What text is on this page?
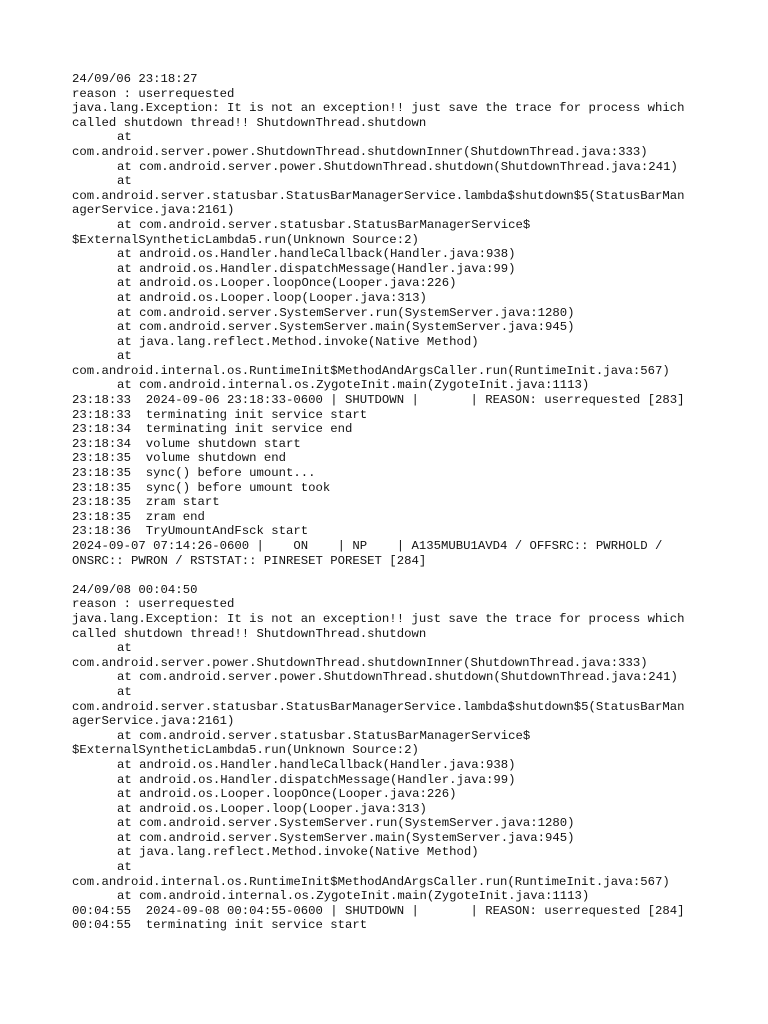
24/09/06 23:18:27
reason : userrequested
java.lang.Exception: It is not an exception!! just save the trace for process which
called shutdown thread!! ShutdownThread.shutdown
at
com.android.server.power.ShutdownThread.shutdownInner(ShutdownThread.java:333)
at com.android.server.power.ShutdownThread.shutdown(ShutdownThread.java:241)
at
com.android.server.statusbar.StatusBarManagerService.lambda$shutdown$5(StatusBarMan
agerService.java:2161)
at com.android.server.statusbar.StatusBarManagerService$
$ExternalSyntheticLambda5.run(Unknown Source:2)
at android.os.Handler.handleCallback(Handler.java:938)
at android.os.Handler.dispatchMessage(Handler.java:99)
at android.os.Looper.loopOnce(Looper.java:226)
at android.os.Looper.loop(Looper.java:313)
at com.android.server.SystemServer.run(SystemServer.java:1280)
at com.android.server.SystemServer.main(SystemServer.java:945)
at java.lang.reflect.Method.invoke(Native Method)
at
com.android.internal.os.RuntimeInit$MethodAndArgsCaller.run(RuntimeInit.java:567)
at com.android.internal.os.ZygoteInit.main(ZygoteInit.java:1113)
23:18:33  2024-09-06 23:18:33-0600 | SHUTDOWN |       | REASON: userrequested [283]
23:18:33  terminating init service start
23:18:34  terminating init service end
23:18:34  volume shutdown start
23:18:35  volume shutdown end
23:18:35  sync() before umount...
23:18:35  sync() before umount took
23:18:35  zram start
23:18:35  zram end
23:18:36  TryUmountAndFsck start
2024-09-07 07:14:26-0600 |    ON    | NP    | A135MUBU1AVD4 / OFFSRC:: PWRHOLD /
ONSRC:: PWRON / RSTSTAT:: PINRESET PORESET [284]
24/09/08 00:04:50
reason : userrequested
java.lang.Exception: It is not an exception!! just save the trace for process which
called shutdown thread!! ShutdownThread.shutdown
at
com.android.server.power.ShutdownThread.shutdownInner(ShutdownThread.java:333)
at com.android.server.power.ShutdownThread.shutdown(ShutdownThread.java:241)
at
com.android.server.statusbar.StatusBarManagerService.lambda$shutdown$5(StatusBarMan
agerService.java:2161)
at com.android.server.statusbar.StatusBarManagerService$
$ExternalSyntheticLambda5.run(Unknown Source:2)
at android.os.Handler.handleCallback(Handler.java:938)
at android.os.Handler.dispatchMessage(Handler.java:99)
at android.os.Looper.loopOnce(Looper.java:226)
at android.os.Looper.loop(Looper.java:313)
at com.android.server.SystemServer.run(SystemServer.java:1280)
at com.android.server.SystemServer.main(SystemServer.java:945)
at java.lang.reflect.Method.invoke(Native Method)
at
com.android.internal.os.RuntimeInit$MethodAndArgsCaller.run(RuntimeInit.java:567)
at com.android.internal.os.ZygoteInit.main(ZygoteInit.java:1113)
00:04:55  2024-09-08 00:04:55-0600 | SHUTDOWN |       | REASON: userrequested [284]
00:04:55  terminating init service start
